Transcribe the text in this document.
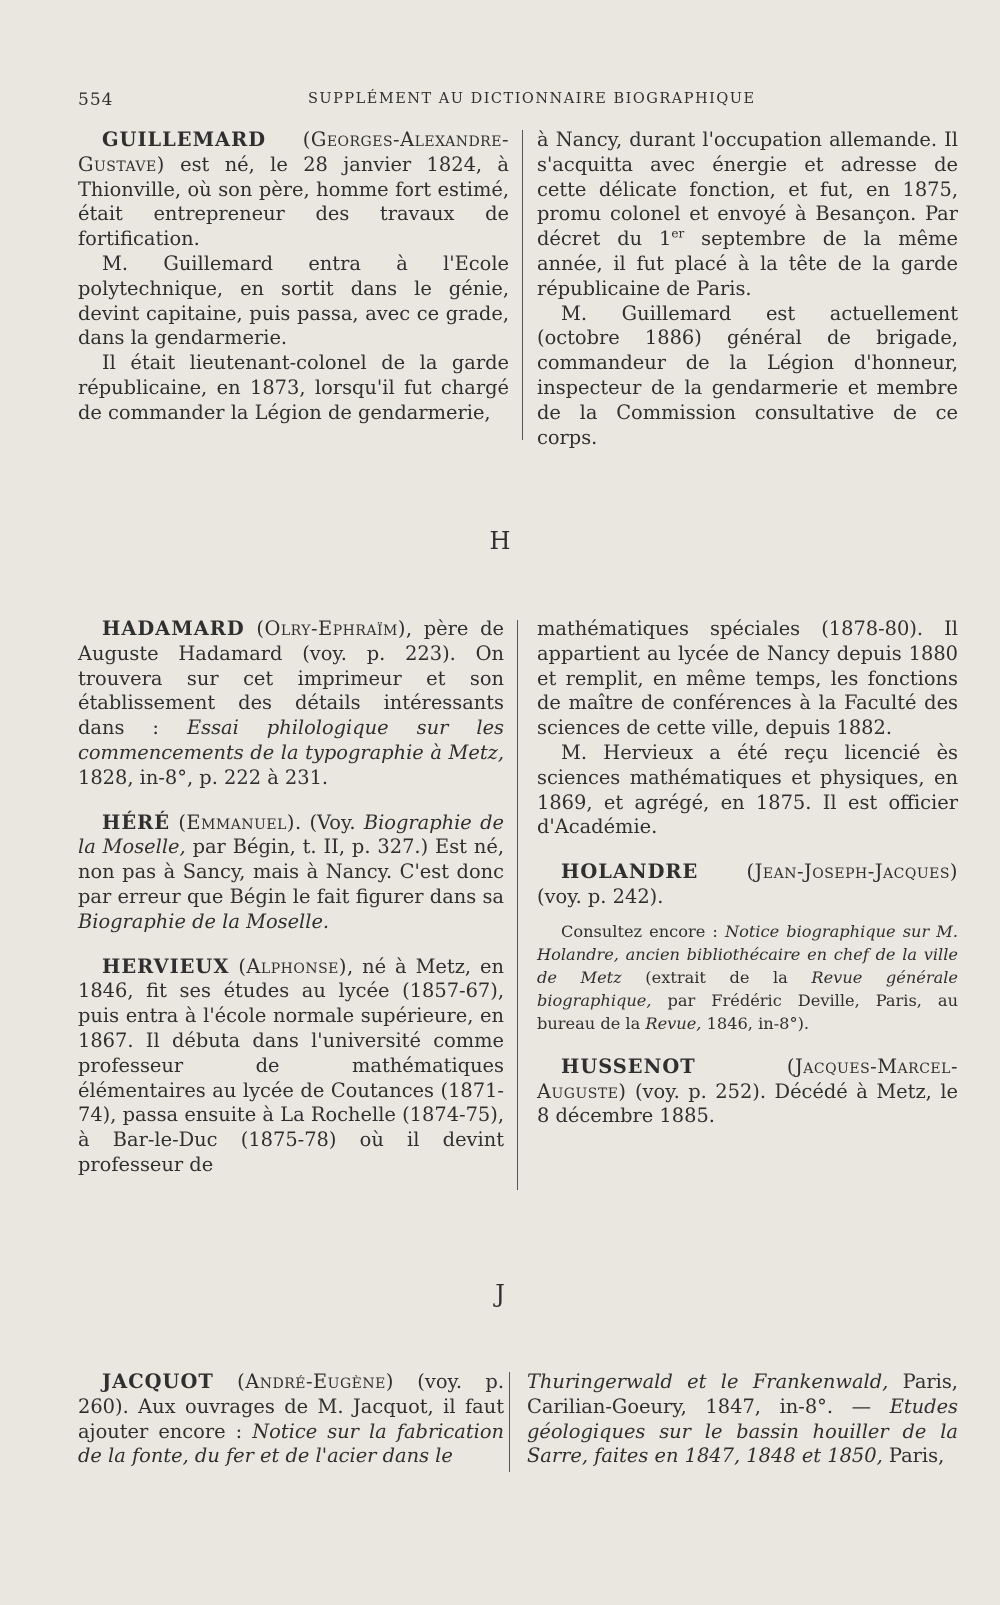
554	SUPPLÉMENT AU DICTIONNAIRE BIOGRAPHIQUE

GUILLEMARD (Georges-Alexandre-Gustave) est né, le 28 janvier 1824, à Thionville, où son père, homme fort estimé, était entrepreneur des travaux de fortification.

M. Guillemard entra à l'Ecole polytechnique, en sortit dans le génie, devint capitaine, puis passa, avec ce grade, dans la gendarmerie.

Il était lieutenant-colonel de la garde républicaine, en 1873, lorsqu'il fut chargé de commander la Légion de gendarmerie,

à Nancy, durant l'occupation allemande. Il s'acquitta avec énergie et adresse de cette délicate fonction, et fut, en 1875, promu colonel et envoyé à Besançon. Par décret du 1er septembre de la même année, il fut placé à la tête de la garde républicaine de Paris.

M. Guillemard est actuellement (octobre 1886) général de brigade, commandeur de la Légion d'honneur, inspecteur de la gendarmerie et membre de la Commission consultative de ce corps.

H

HADAMARD (Olry-Ephraïm), père de Auguste Hadamard (voy. p. 223). On trouvera sur cet imprimeur et son établissement des détails intéressants dans : Essai philologique sur les commencements de la typographie à Metz, 1828, in-8°, p. 222 à 231.

HÉRÉ (Emmanuel). (Voy. Biographie de la Moselle, par Bégin, t. II, p. 327.) Est né, non pas à Sancy, mais à Nancy. C'est donc par erreur que Bégin le fait figurer dans sa Biographie de la Moselle.

HERVIEUX (Alphonse), né à Metz, en 1846, fit ses études au lycée (1857-67), puis entra à l'école normale supérieure, en 1867. Il débuta dans l'université comme professeur de mathématiques élémentaires au lycée de Coutances (1871-74), passa ensuite à La Rochelle (1874-75), à Bar-le-Duc (1875-78) où il devint professeur de

mathématiques spéciales (1878-80). Il appartient au lycée de Nancy depuis 1880 et remplit, en même temps, les fonctions de maître de conférences à la Faculté des sciences de cette ville, depuis 1882.

M. Hervieux a été reçu licencié ès sciences mathématiques et physiques, en 1869, et agrégé, en 1875. Il est officier d'Académie.

HOLANDRE (Jean-Joseph-Jacques) (voy. p. 242).

Consultez encore : Notice biographique sur M. Holandre, ancien bibliothécaire en chef de la ville de Metz (extrait de la Revue générale biographique, par Frédéric Deville, Paris, au bureau de la Revue, 1846, in-8°).

HUSSENOT	(Jacques-Marcel-Auguste) (voy. p. 252). Décédé à Metz, le 8 décembre 1885.

J

JACQUOT (André-Eugène) (voy. p. 260). Aux ouvrages de M. Jacquot, il faut ajouter encore : Notice sur la fabrication de la fonte, du fer et de l'acier dans le

Thuringerwald et le Frankenwald, Paris, Carilian-Goeury, 1847, in-8°. — Etudes géologiques sur le bassin houiller de la Sarre, faites en 1847, 1848 et 1850, Paris,
